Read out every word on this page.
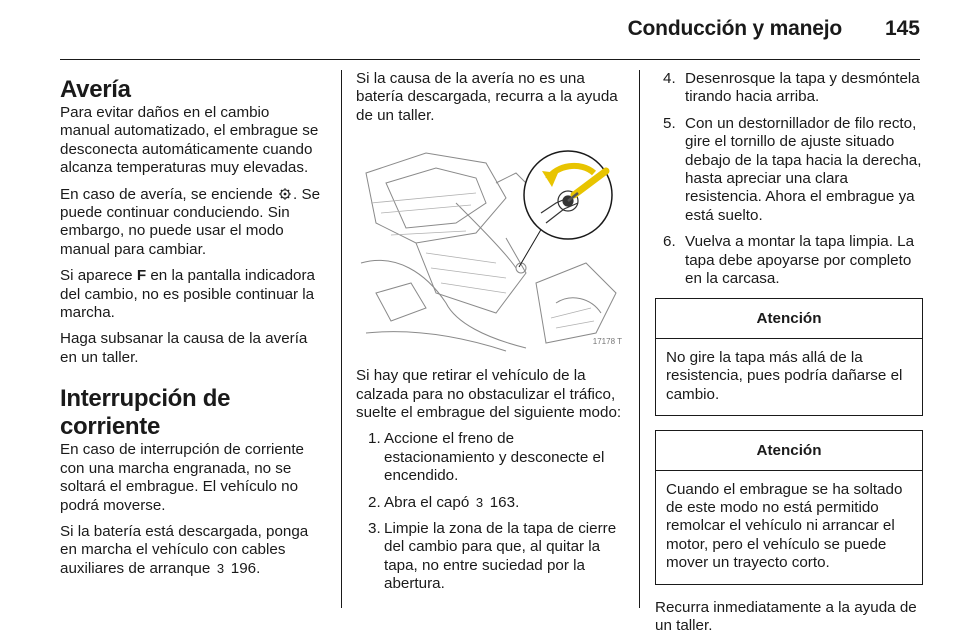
Conducción y manejo 145
Avería

Para evitar daños en el cambio manual automatizado, el embrague se desconecta automáticamente cuando alcanza temperaturas muy elevadas.

En caso de avería, se enciende . Se puede continuar conduciendo. Sin embargo, no puede usar el modo manual para cambiar.

Si aparece F en la pantalla indicadora del cambio, no es posible continuar la marcha.

Haga subsanar la causa de la avería en un taller.

Interrupción de corriente

En caso de interrupción de corriente con una marcha engranada, no se soltará el embrague. El vehículo no podrá moverse.

Si la batería está descargada, ponga en marcha el vehículo con cables auxiliares de arranque 3 196.

Si la causa de la avería no es una batería descargada, recurra a la ayuda de un taller.

17178 T

Si hay que retirar el vehículo de la calzada para no obstaculizar el tráfico, suelte el embrague del siguiente modo:

1. Accione el freno de estacionamiento y desconecte el encendido.
2. Abra el capó 3 163.
3. Limpie la zona de la tapa de cierre del cambio para que, al quitar la tapa, no entre suciedad por la abertura.
4. Desenrosque la tapa y desmóntela tirando hacia arriba.
5. Con un destornillador de filo recto, gire el tornillo de ajuste situado debajo de la tapa hacia la derecha, hasta apreciar una clara resistencia. Ahora el embrague ya está suelto.
6. Vuelva a montar la tapa limpia. La tapa debe apoyarse por completo en la carcasa.
Atención
No gire la tapa más allá de la resistencia, pues podría dañarse el cambio.
Atención
Cuando el embrague se ha soltado de este modo no está permitido remolcar el vehículo ni arrancar el motor, pero el vehículo se puede mover un trayecto corto.

Recurra inmediatamente a la ayuda de un taller.
